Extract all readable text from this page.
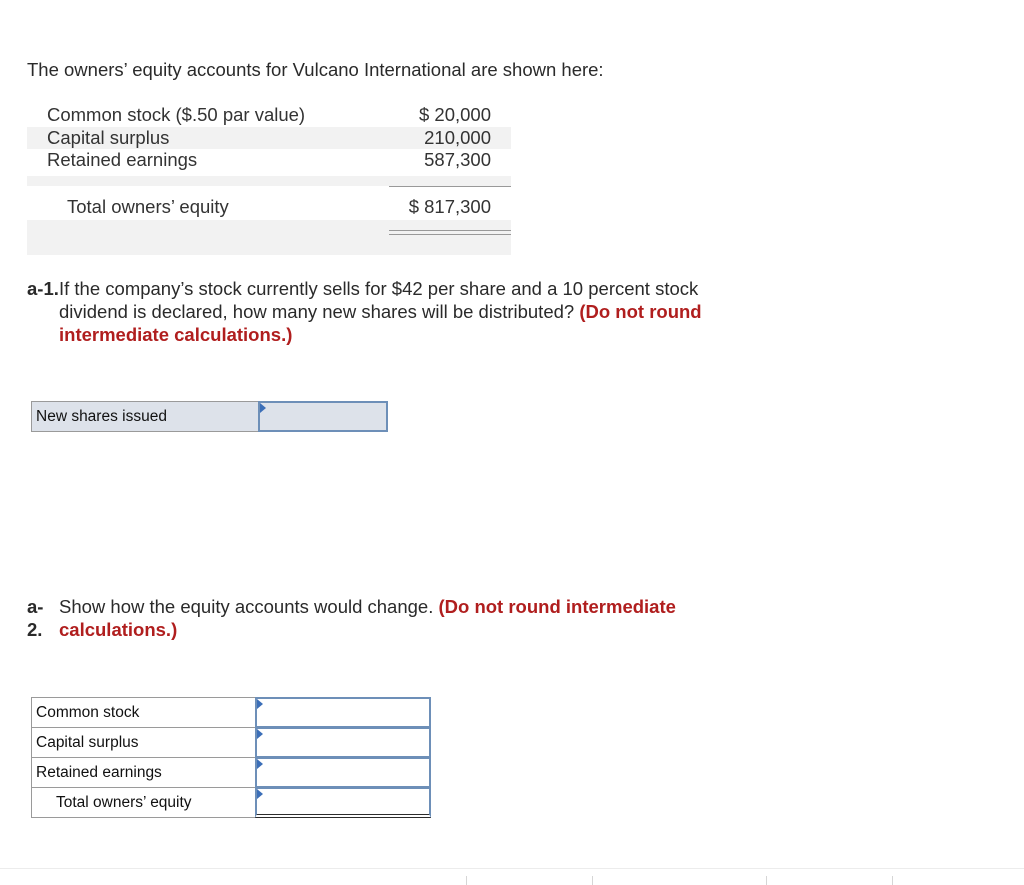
The owners’ equity accounts for Vulcano International are shown here:
Common stock ($.50 par value)	$ 20,000
Capital surplus	210,000
Retained earnings	587,300
Total owners’ equity	$ 817,300
a-1. If the company’s stock currently sells for $42 per share and a 10 percent stock
dividend is declared, how many new shares will be distributed? (Do not round
intermediate calculations.)
New shares issued
a-
2.
Show how the equity accounts would change. (Do not round intermediate
calculations.)
Common stock
Capital surplus
Retained earnings
Total owners’ equity
